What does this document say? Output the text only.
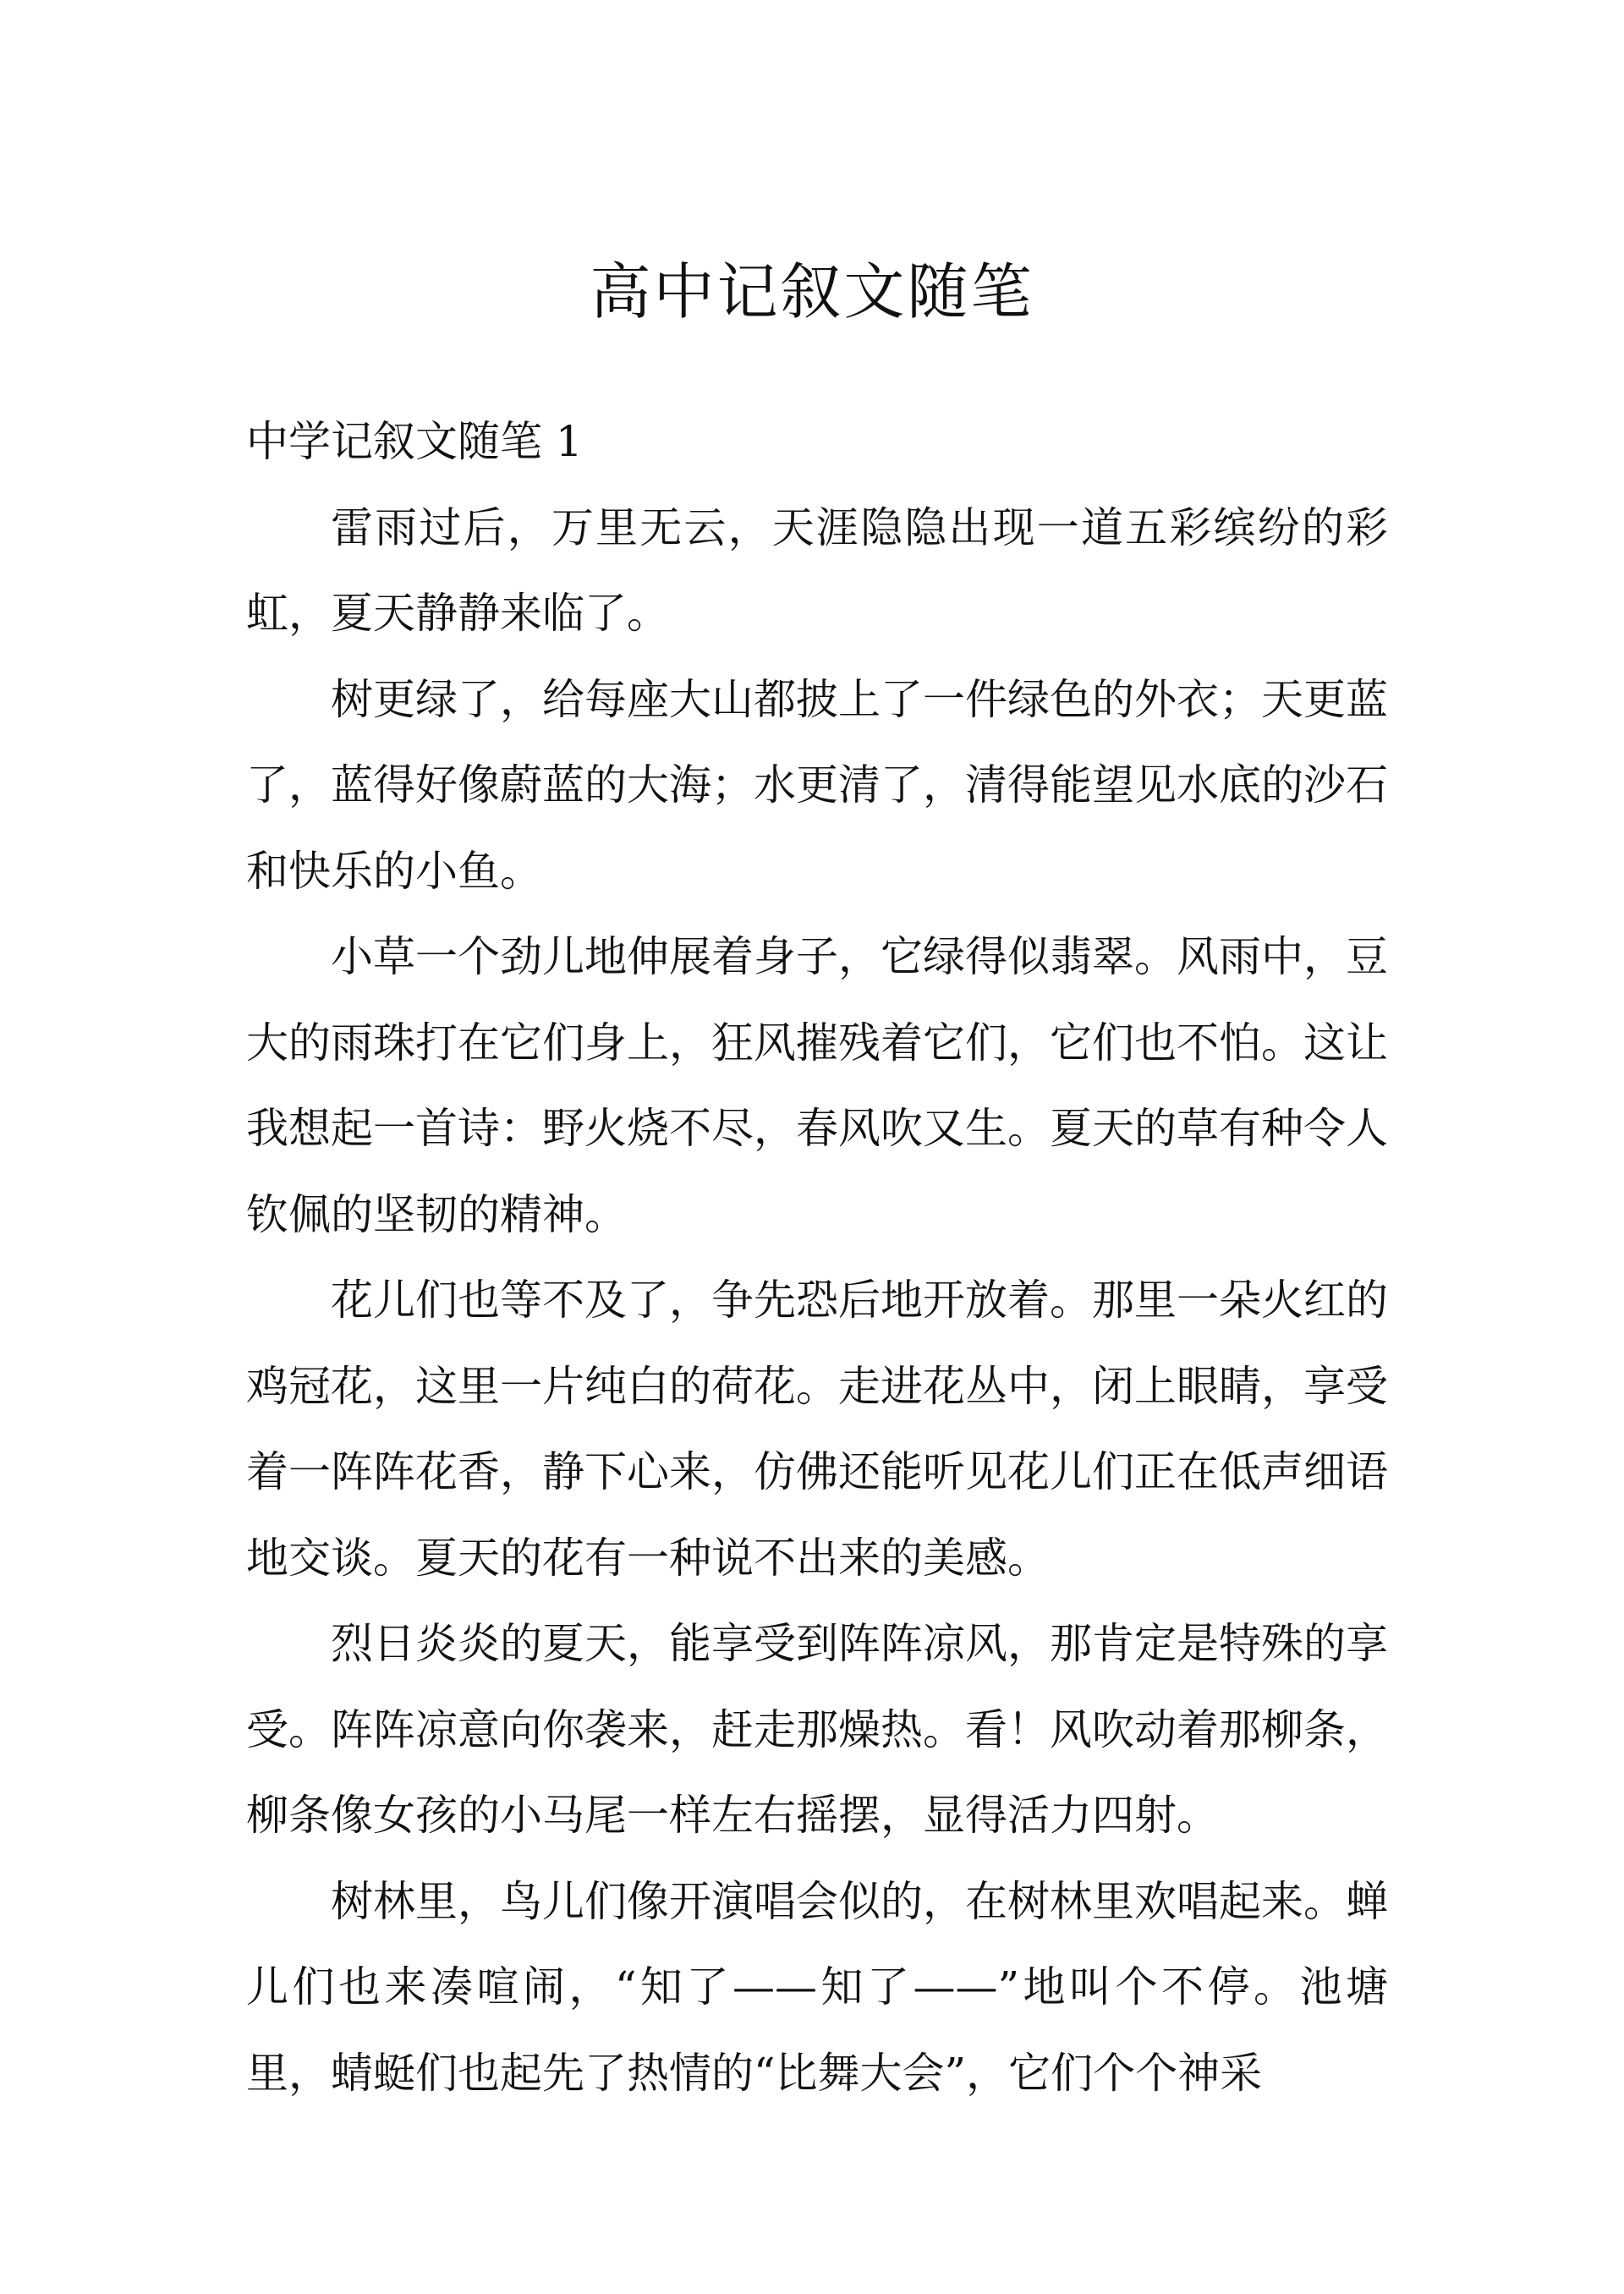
高中记叙文随笔
中学记叙文随笔 1

雷雨过后，万里无云，天涯隐隐出现一道五彩缤纷的彩虹，夏天静静来临了。

树更绿了，给每座大山都披上了一件绿色的外衣；天更蓝了，蓝得好像蔚蓝的大海；水更清了，清得能望见水底的沙石和快乐的小鱼。

小草一个劲儿地伸展着身子，它绿得似翡翠。风雨中，豆大的雨珠打在它们身上，狂风摧残着它们，它们也不怕。这让我想起一首诗：野火烧不尽，春风吹又生。夏天的草有种令人钦佩的坚韧的精神。

花儿们也等不及了，争先恐后地开放着。那里一朵火红的鸡冠花，这里一片纯白的荷花。走进花丛中，闭上眼睛，享受着一阵阵花香，静下心来，仿佛还能听见花儿们正在低声细语地交谈。夏天的花有一种说不出来的美感。

烈日炎炎的夏天，能享受到阵阵凉风，那肯定是特殊的享受。阵阵凉意向你袭来，赶走那燥热。看！风吹动着那柳条，柳条像女孩的小马尾一样左右摇摆，显得活力四射。

树林里，鸟儿们像开演唱会似的，在树林里欢唱起来。蝉儿们也来凑喧闹，“知了——知了——”地叫个不停。池塘里，蜻蜓们也起先了热情的“比舞大会”，它们个个神采
